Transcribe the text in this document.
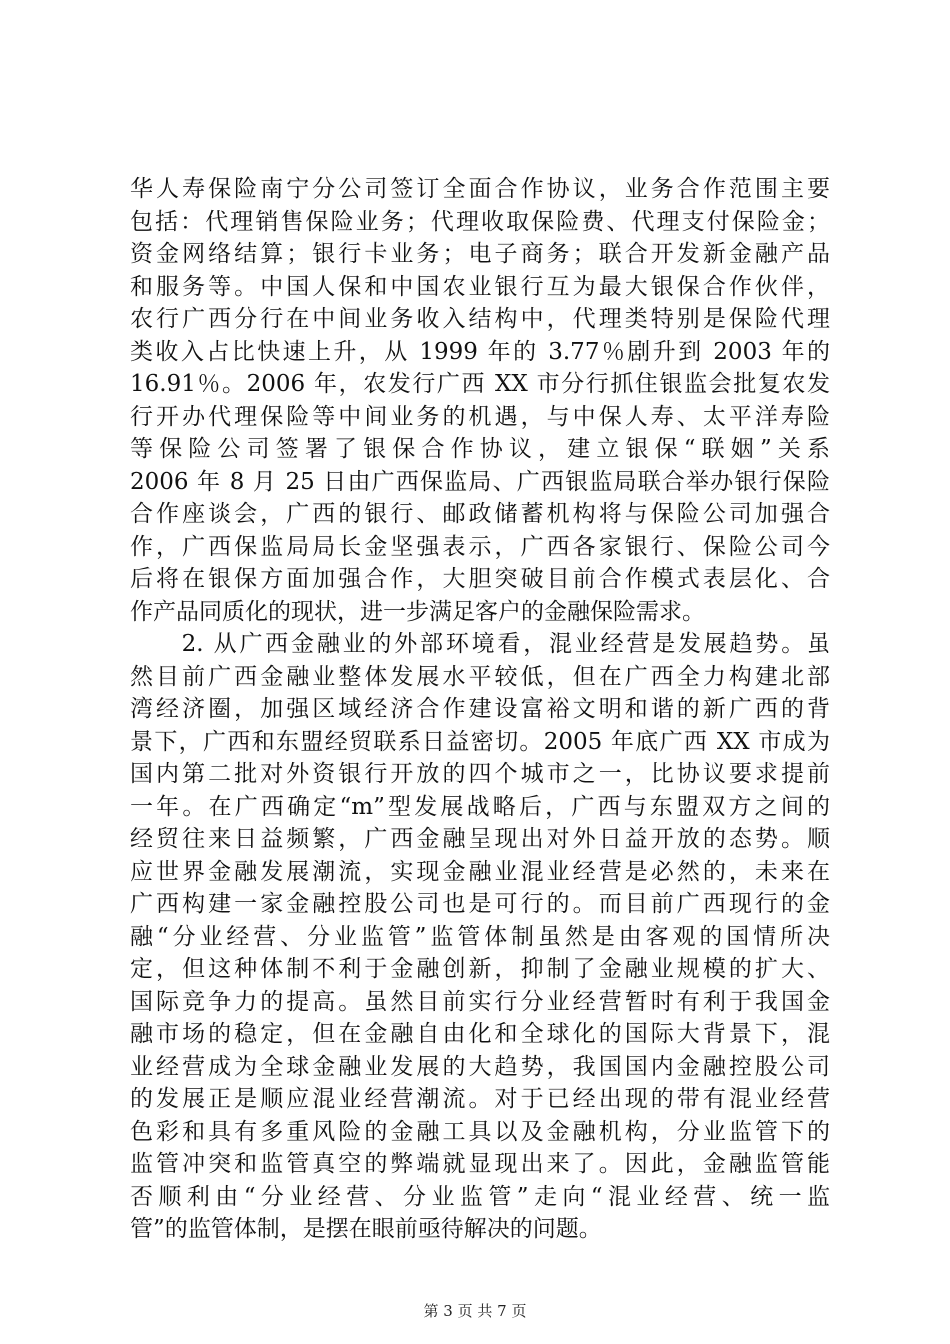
华人寿保险南宁分公司签订全面合作协议，业务合作范围主要
包括：代理销售保险业务；代理收取保险费、代理支付保险金；
资金网络结算；银行卡业务；电子商务；联合开发新金融产品
和服务等。中国人保和中国农业银行互为最大银保合作伙伴，
农行广西分行在中间业务收入结构中，代理类特别是保险代理
类收入占比快速上升，从 1999 年的 3.77％剧升到 2003 年的
16.91％。2006 年，农发行广西 XX 市分行抓住银监会批复农发
行开办代理保险等中间业务的机遇，与中保人寿、太平洋寿险
等保险公司签署了银保合作协议，建立银保“联姻”关系
2006 年 8 月 25 日由广西保监局、广西银监局联合举办银行保险
合作座谈会，广西的银行、邮政储蓄机构将与保险公司加强合
作，广西保监局局长金坚强表示，广西各家银行、保险公司今
后将在银保方面加强合作，大胆突破目前合作模式表层化、合
作产品同质化的现状，进一步满足客户的金融保险需求。
　　2. 从广西金融业的外部环境看，混业经营是发展趋势。虽
然目前广西金融业整体发展水平较低，但在广西全力构建北部
湾经济圈，加强区域经济合作建设富裕文明和谐的新广西的背
景下，广西和东盟经贸联系日益密切。2005 年底广西 XX 市成为
国内第二批对外资银行开放的四个城市之一，比协议要求提前
一年。在广西确定“m”型发展战略后，广西与东盟双方之间的
经贸往来日益频繁，广西金融呈现出对外日益开放的态势。顺
应世界金融发展潮流，实现金融业混业经营是必然的，未来在
广西构建一家金融控股公司也是可行的。而目前广西现行的金
融“分业经营、分业监管”监管体制虽然是由客观的国情所决
定，但这种体制不利于金融创新，抑制了金融业规模的扩大、
国际竞争力的提高。虽然目前实行分业经营暂时有利于我国金
融市场的稳定，但在金融自由化和全球化的国际大背景下，混
业经营成为全球金融业发展的大趋势，我国国内金融控股公司
的发展正是顺应混业经营潮流。对于已经出现的带有混业经营
色彩和具有多重风险的金融工具以及金融机构，分业监管下的
监管冲突和监管真空的弊端就显现出来了。因此，金融监管能
否顺利由“分业经营、分业监管”走向“混业经营、统一监
管”的监管体制，是摆在眼前亟待解决的问题。
第 3 页 共 7 页
